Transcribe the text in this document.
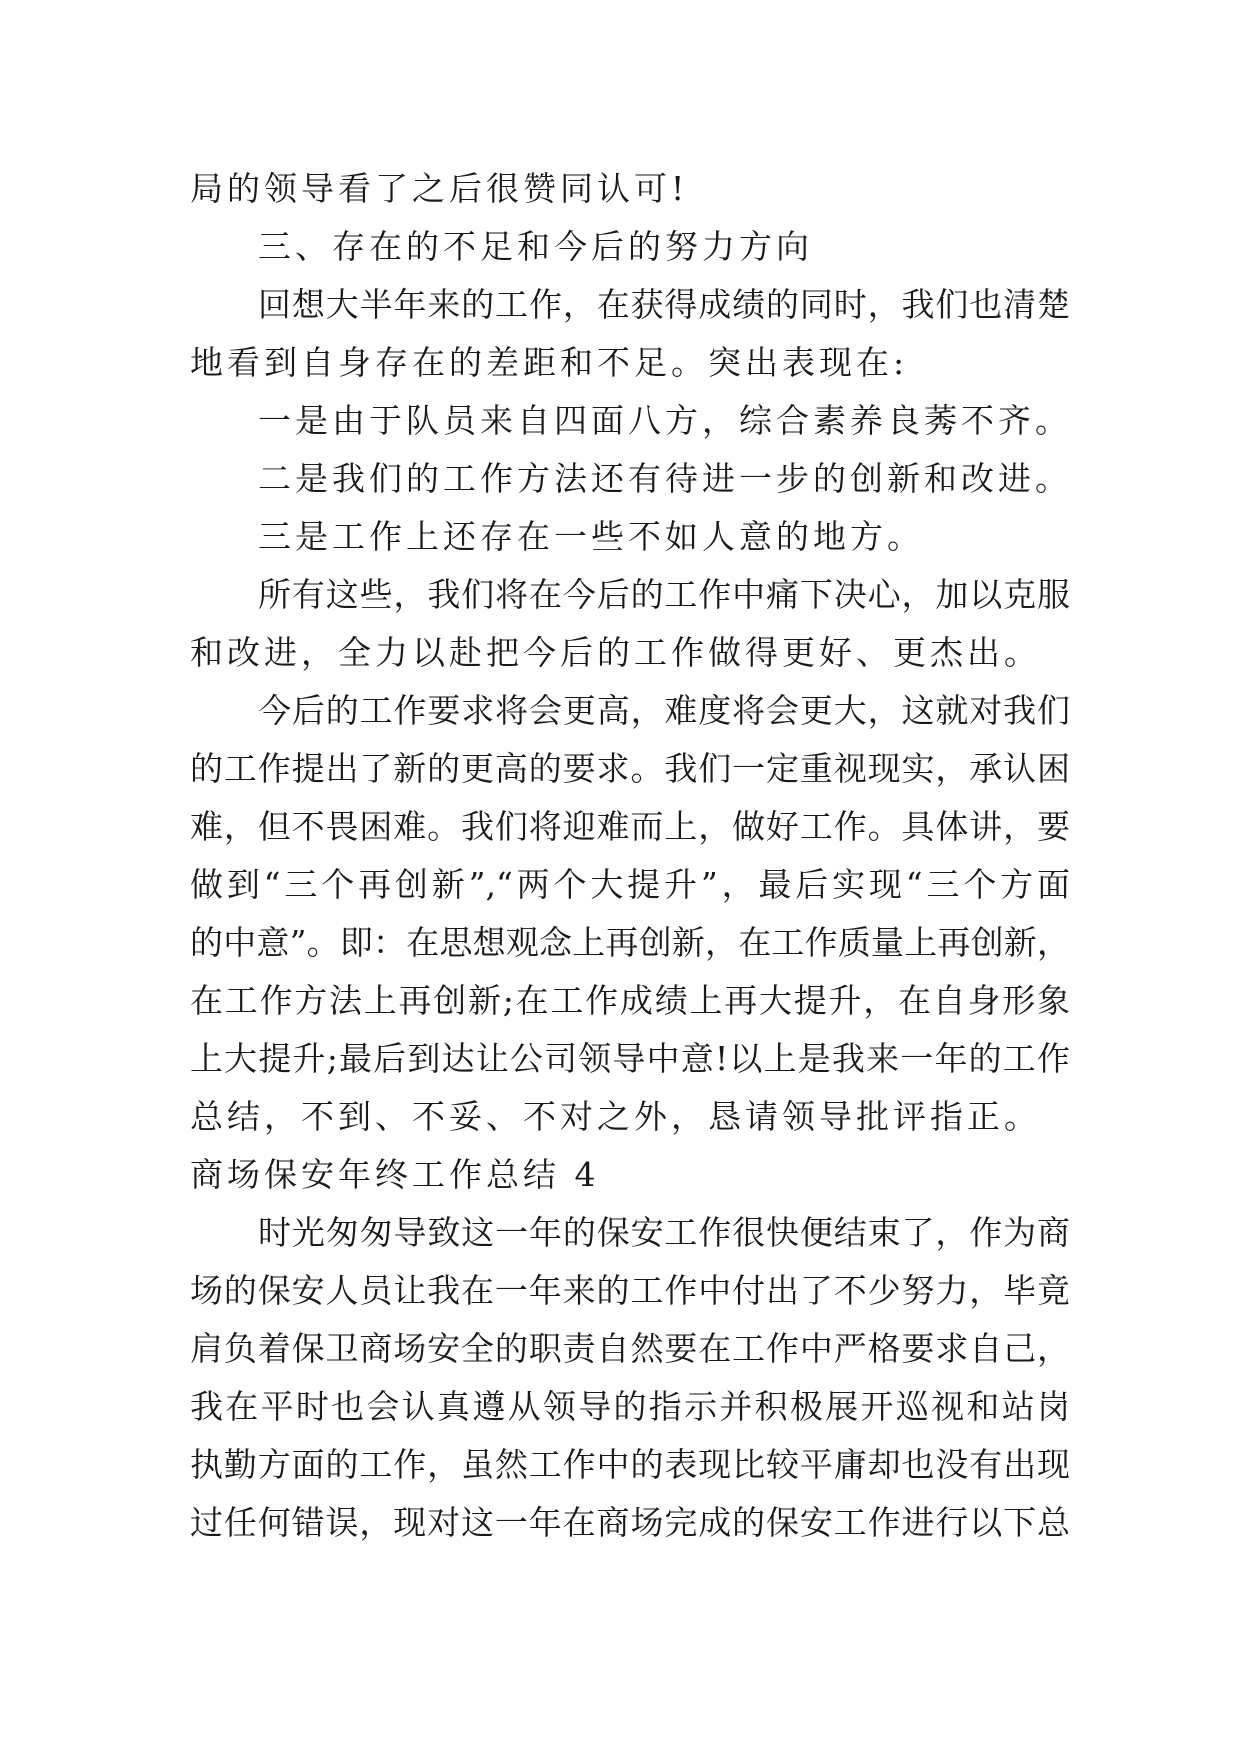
局的领导看了之后很赞同认可!
三、存在的不足和今后的努力方向
回想大半年来的工作，在获得成绩的同时，我们也清楚
地看到自身存在的差距和不足。突出表现在:
一是由于队员来自四面八方，综合素养良莠不齐。
二是我们的工作方法还有待进一步的创新和改进。
三是工作上还存在一些不如人意的地方。
所有这些，我们将在今后的工作中痛下决心，加以克服
和改进，全力以赴把今后的工作做得更好、更杰出。
今后的工作要求将会更高，难度将会更大，这就对我们
的工作提出了新的更高的要求。我们一定重视现实，承认困
难，但不畏困难。我们将迎难而上，做好工作。具体讲，要
做到“三个再创新”,“两个大提升”，最后实现“三个方面
的中意”。即：在思想观念上再创新，在工作质量上再创新，
在工作方法上再创新;在工作成绩上再大提升，在自身形象
上大提升;最后到达让公司领导中意!以上是我来一年的工作
总结，不到、不妥、不对之外，恳请领导批评指正。
商场保安年终工作总结 4
时光匆匆导致这一年的保安工作很快便结束了，作为商
场的保安人员让我在一年来的工作中付出了不少努力，毕竟
肩负着保卫商场安全的职责自然要在工作中严格要求自己，
我在平时也会认真遵从领导的指示并积极展开巡视和站岗
执勤方面的工作，虽然工作中的表现比较平庸却也没有出现
过任何错误，现对这一年在商场完成的保安工作进行以下总
